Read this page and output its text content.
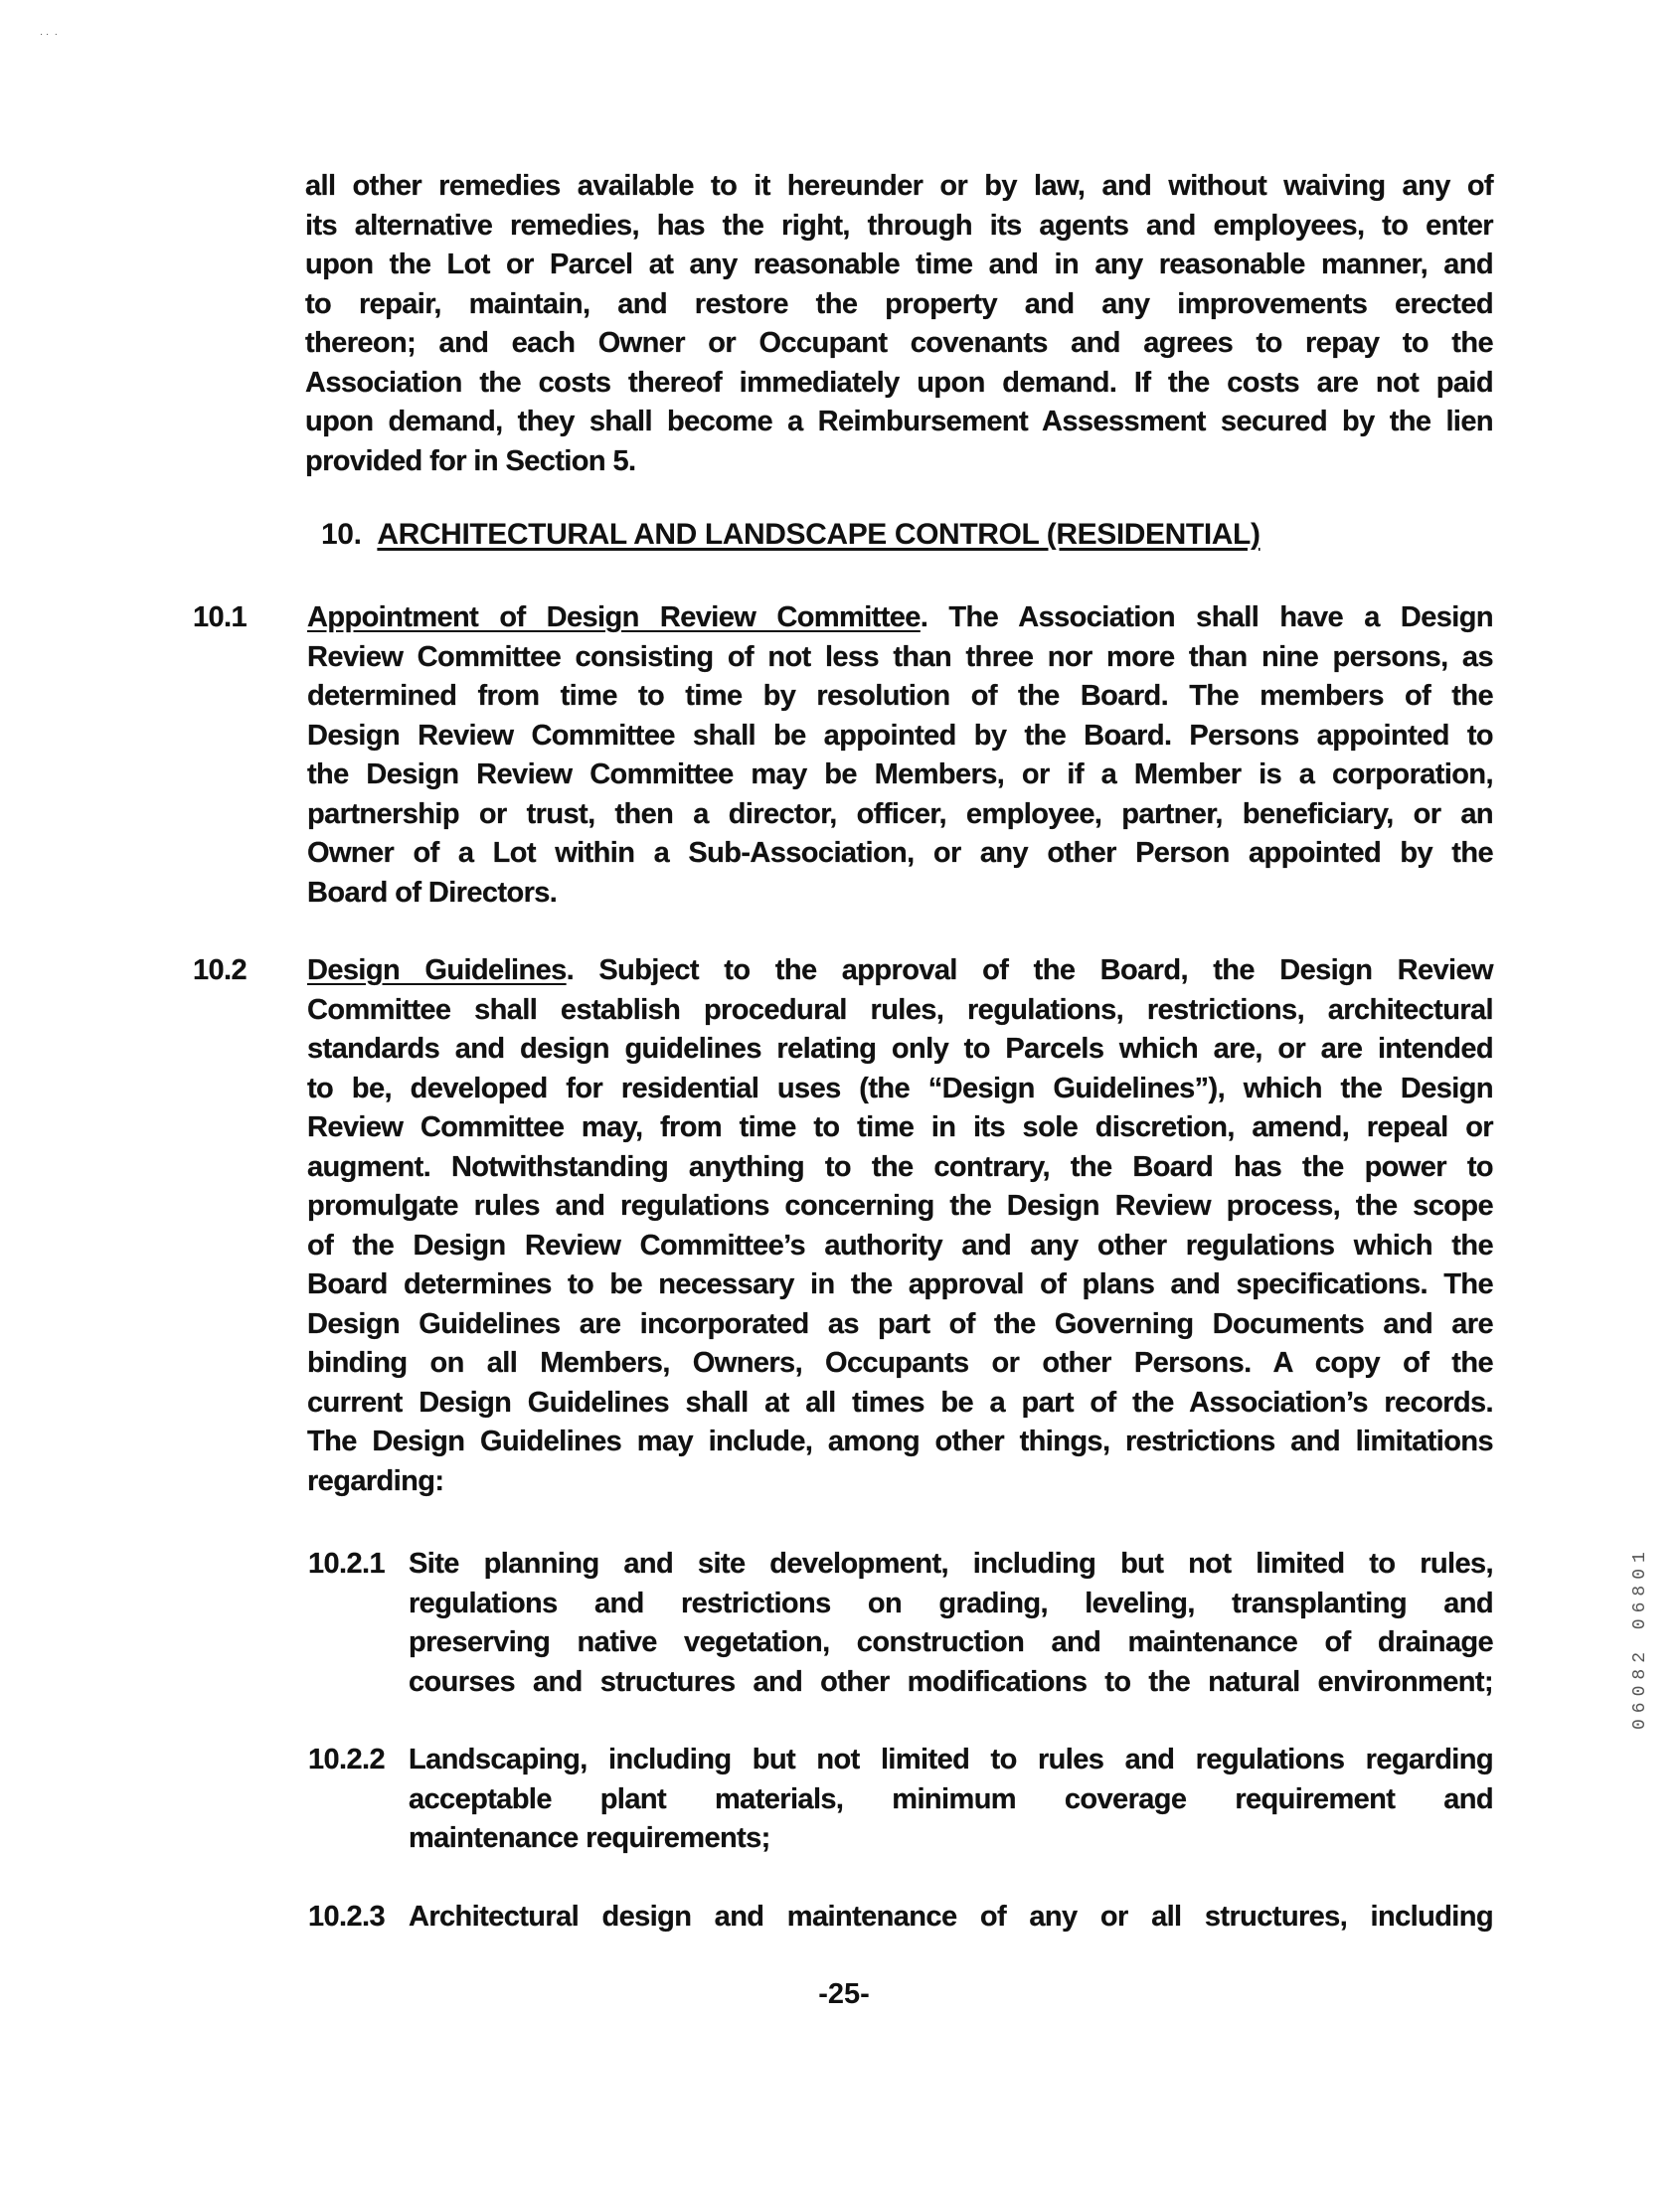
⋅ ⋅  ⋅
all other remedies available to it hereunder or by law, and without waiving any of
its alternative remedies, has the right, through its agents and employees, to enter
upon the Lot or Parcel at any reasonable time and in any reasonable manner, and
to repair, maintain, and restore the property and any improvements erected
thereon; and each Owner or Occupant covenants and agrees to repay to the
Association the costs thereof immediately upon demand. If the costs are not paid
upon demand, they shall become a Reimbursement Assessment secured by the lien
provided for in Section 5.
10. ARCHITECTURAL AND LANDSCAPE CONTROL (RESIDENTIAL)
10.1 Appointment of Design Review Committee. The Association shall have a Design
Review Committee consisting of not less than three nor more than nine persons, as
determined from time to time by resolution of the Board. The members of the
Design Review Committee shall be appointed by the Board. Persons appointed to
the Design Review Committee may be Members, or if a Member is a corporation,
partnership or trust, then a director, officer, employee, partner, beneficiary, or an
Owner of a Lot within a Sub-Association, or any other Person appointed by the
Board of Directors.
10.2 Design Guidelines. Subject to the approval of the Board, the Design Review
Committee shall establish procedural rules, regulations, restrictions, architectural
standards and design guidelines relating only to Parcels which are, or are intended
to be, developed for residential uses (the “Design Guidelines”), which the Design
Review Committee may, from time to time in its sole discretion, amend, repeal or
augment. Notwithstanding anything to the contrary, the Board has the power to
promulgate rules and regulations concerning the Design Review process, the scope
of the Design Review Committee’s authority and any other regulations which the
Board determines to be necessary in the approval of plans and specifications. The
Design Guidelines are incorporated as part of the Governing Documents and are
binding on all Members, Owners, Occupants or other Persons. A copy of the
current Design Guidelines shall at all times be a part of the Association’s records.
The Design Guidelines may include, among other things, restrictions and limitations
regarding:
10.2.1 Site planning and site development, including but not limited to rules,
regulations and restrictions on grading, leveling, transplanting and
preserving native vegetation, construction and maintenance of drainage
courses and structures and other modifications to the natural environment;
10.2.2 Landscaping, including but not limited to rules and regulations regarding
acceptable plant materials, minimum coverage requirement and
maintenance requirements;
10.2.3 Architectural design and maintenance of any or all structures, including
-25-
06082 06801
